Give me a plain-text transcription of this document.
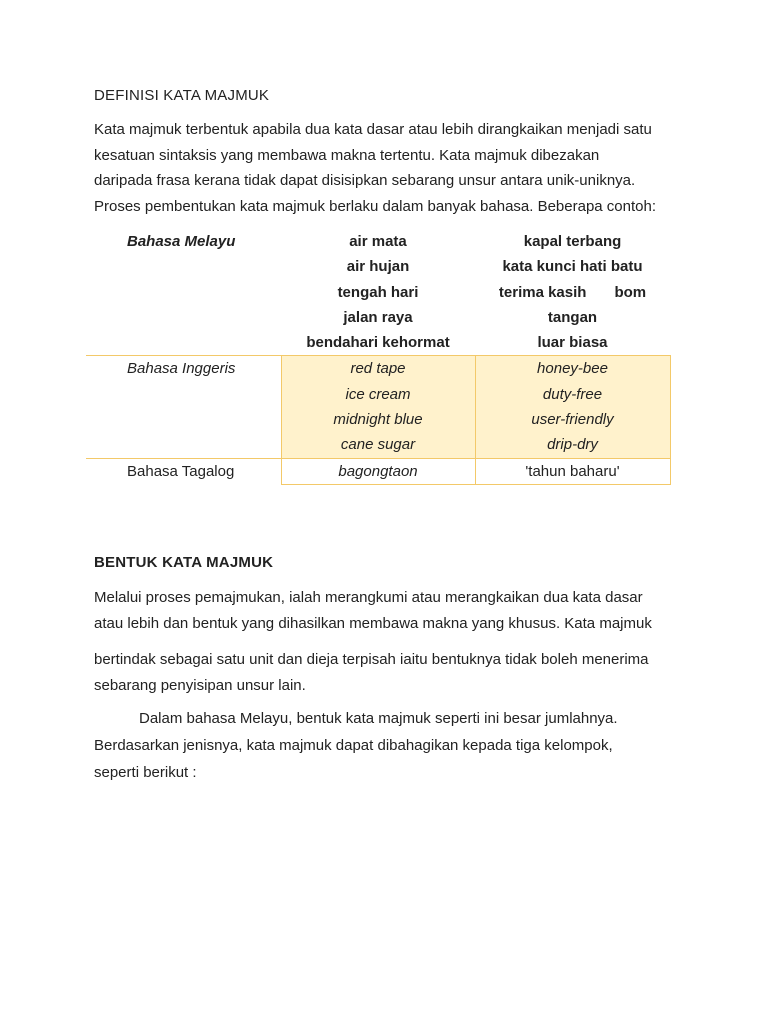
DEFINISI KATA MAJMUK
Kata majmuk terbentuk apabila dua kata dasar atau lebih dirangkaikan menjadi satu
kesatuan sintaksis yang membawa makna tertentu. Kata majmuk dibezakan
daripada frasa kerana tidak dapat disisipkan sebarang unsur antara unik-uniknya.
Proses pembentukan kata majmuk berlaku dalam banyak bahasa. Beberapa contoh:
Bahasa Melayu	air mata	kapal terbang
	air hujan	kata kunci hati batu
	tengah hari	terima kasih bom
	jalan raya	tangan
	bendahari kehormat	luar biasa
Bahasa Inggeris	red tape	honey-bee
	ice cream	duty-free
	midnight blue	user-friendly
	cane sugar	drip-dry
Bahasa Tagalog	bagongtaon	'tahun baharu'
BENTUK KATA MAJMUK
Melalui proses pemajmukan, ialah merangkumi atau merangkaikan dua kata dasar
atau lebih dan bentuk yang dihasilkan membawa makna yang khusus. Kata majmuk
bertindak sebagai satu unit dan dieja terpisah iaitu bentuknya tidak boleh menerima
sebarang penyisipan unsur lain.
Dalam bahasa Melayu, bentuk kata majmuk seperti ini besar jumlahnya.
Berdasarkan jenisnya, kata majmuk dapat dibahagikan kepada tiga kelompok,
seperti berikut :
